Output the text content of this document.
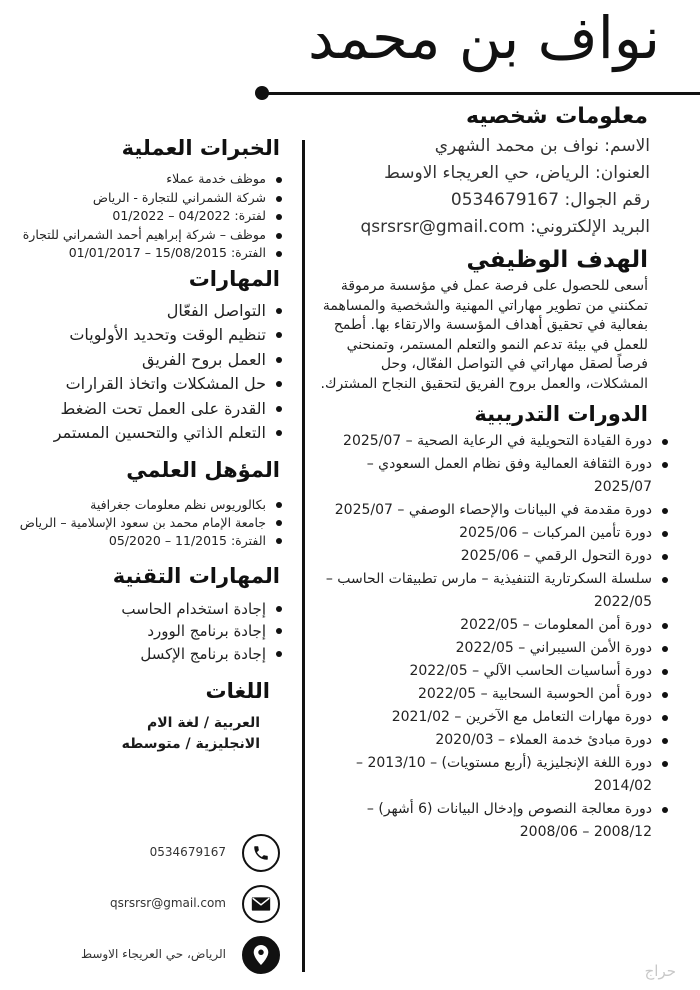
نواف بن محمد
معلومات شخصيه
الاسم: نواف بن محمد الشهري
العنوان: الرياض، حي العريجاء الاوسط
رقم الجوال: 0534679167
البريد الإلكتروني: qsrsrsr@gmail.com
الهدف الوظيفي
أسعى للحصول على فرصة عمل في مؤسسة مرموقة تمكنني من تطوير مهاراتي المهنية والشخصية والمساهمة بفعالية في تحقيق أهداف المؤسسة والارتقاء بها. أطمح للعمل في بيئة تدعم النمو والتعلم المستمر، وتمنحني فرصاً لصقل مهاراتي في التواصل الفعّال، وحل المشكلات، والعمل بروح الفريق لتحقيق النجاح المشترك.
الدورات التدريبية
دورة القيادة التحويلية في الرعاية الصحية – 2025/07
دورة الثقافة العمالية وفق نظام العمل السعودي – 2025/07
دورة مقدمة في البيانات والإحصاء الوصفي – 2025/07
دورة تأمين المركبات – 2025/06
دورة التحول الرقمي – 2025/06
سلسلة السكرتارية التنفيذية – مارس تطبيقات الحاسب – 2022/05
دورة أمن المعلومات – 2022/05
دورة الأمن السيبراني – 2022/05
دورة أساسيات الحاسب الآلي – 2022/05
دورة أمن الحوسبة السحابية – 2022/05
دورة مهارات التعامل مع الآخرين – 2021/02
دورة مبادئ خدمة العملاء – 2020/03
دورة اللغة الإنجليزية (أربع مستويات) – 2013/10 – 2014/02
دورة معالجة النصوص وإدخال البيانات (6 أشهر) – 2008/12 – 2008/06
الخبرات العملية
موظف خدمة عملاء
شركة الشمراني للتجارة - الرياض
لفترة: 04/2022 – 01/2022
موظف – شركة إبراهيم أحمد الشمراني للتجارة
الفترة: 15/08/2015 – 01/01/2017
المهارات
التواصل الفعّال
تنظيم الوقت وتحديد الأولويات
العمل بروح الفريق
حل المشكلات واتخاذ القرارات
القدرة على العمل تحت الضغط
التعلم الذاتي والتحسين المستمر
المؤهل العلمي
بكالوريوس نظم معلومات جغرافية
جامعة الإمام محمد بن سعود الإسلامية – الرياض
الفترة: 11/2015 – 05/2020
المهارات التقنية
إجادة استخدام الحاسب
إجادة برنامج الوورد
إجادة برنامج الإكسل
اللغات
العربية / لغة الام
الانجليزية / متوسطه
0534679167
qsrsrsr@gmail.com
الرياض، حي العريجاء الاوسط
حراج
